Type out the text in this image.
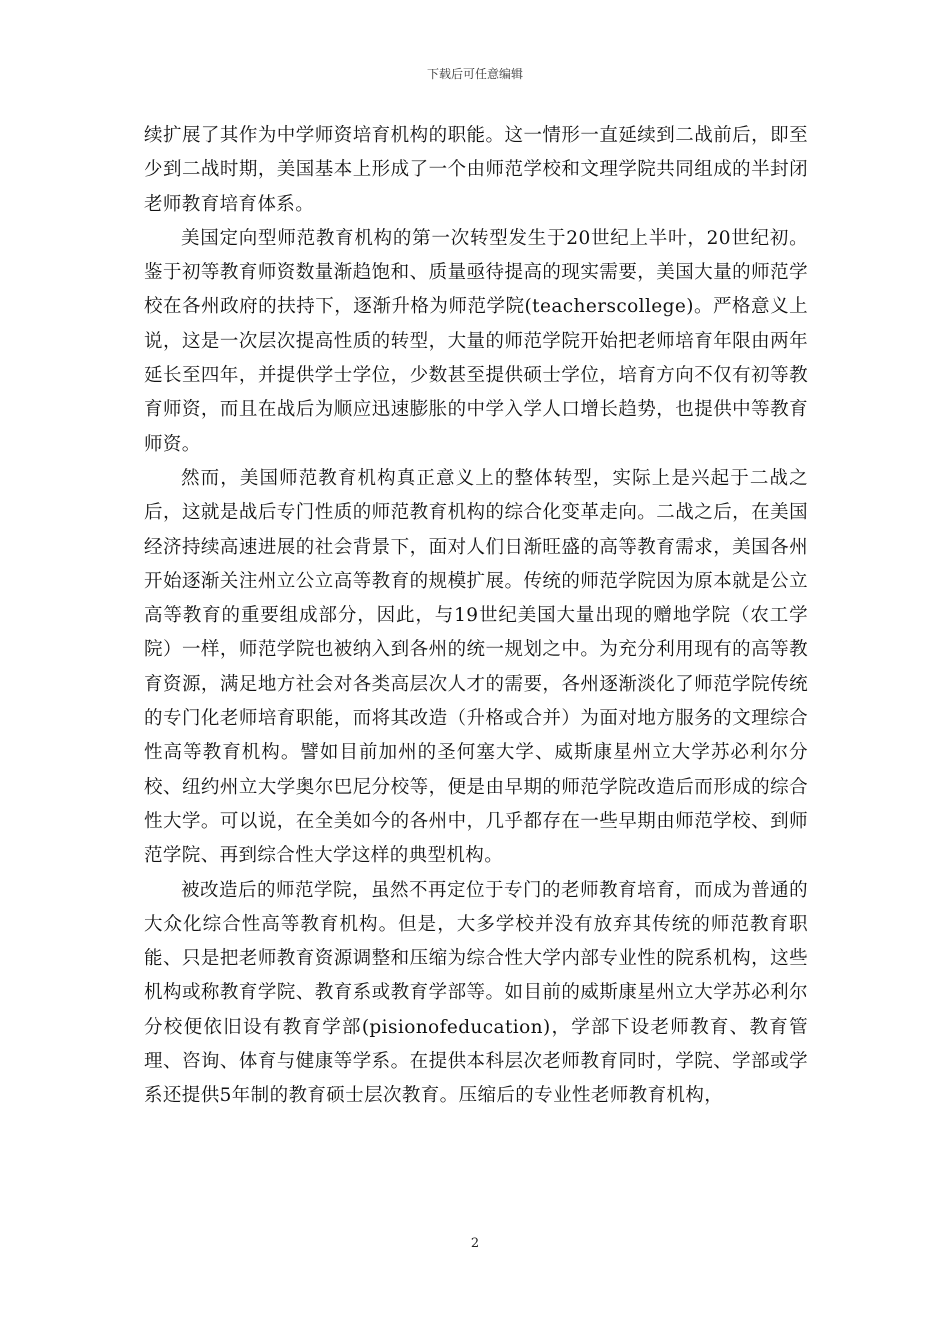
下载后可任意编辑

续扩展了其作为中学师资培育机构的职能。这一情形一直延续到二战前后，即至少到二战时期，美国基本上形成了一个由师范学校和文理学院共同组成的半封闭老师教育培育体系。

美国定向型师范教育机构的第一次转型发生于20世纪上半叶，20世纪初。鉴于初等教育师资数量渐趋饱和、质量亟待提高的现实需要，美国大量的师范学校在各州政府的扶持下，逐渐升格为师范学院(teacherscollege)。严格意义上说，这是一次层次提高性质的转型，大量的师范学院开始把老师培育年限由两年延长至四年，并提供学士学位，少数甚至提供硕士学位，培育方向不仅有初等教育师资，而且在战后为顺应迅速膨胀的中学入学人口增长趋势，也提供中等教育师资。

然而，美国师范教育机构真正意义上的整体转型，实际上是兴起于二战之后，这就是战后专门性质的师范教育机构的综合化变革走向。二战之后，在美国经济持续高速进展的社会背景下，面对人们日渐旺盛的高等教育需求，美国各州开始逐渐关注州立公立高等教育的规模扩展。传统的师范学院因为原本就是公立高等教育的重要组成部分，因此，与19世纪美国大量出现的赠地学院（农工学院）一样，师范学院也被纳入到各州的统一规划之中。为充分利用现有的高等教育资源，满足地方社会对各类高层次人才的需要，各州逐渐淡化了师范学院传统的专门化老师培育职能，而将其改造（升格或合并）为面对地方服务的文理综合性高等教育机构。譬如目前加州的圣何塞大学、威斯康星州立大学苏必利尔分校、纽约州立大学奥尔巴尼分校等，便是由早期的师范学院改造后而形成的综合性大学。可以说，在全美如今的各州中，几乎都存在一些早期由师范学校、到师范学院、再到综合性大学这样的典型机构。

被改造后的师范学院，虽然不再定位于专门的老师教育培育，而成为普通的大众化综合性高等教育机构。但是，大多学校并没有放弃其传统的师范教育职能、只是把老师教育资源调整和压缩为综合性大学内部专业性的院系机构，这些机构或称教育学院、教育系或教育学部等。如目前的威斯康星州立大学苏必利尔分校便依旧设有教育学部(pisionofeducation)，学部下设老师教育、教育管理、咨询、体育与健康等学系。在提供本科层次老师教育同时，学院、学部或学系还提供5年制的教育硕士层次教育。压缩后的专业性老师教育机构，

2
